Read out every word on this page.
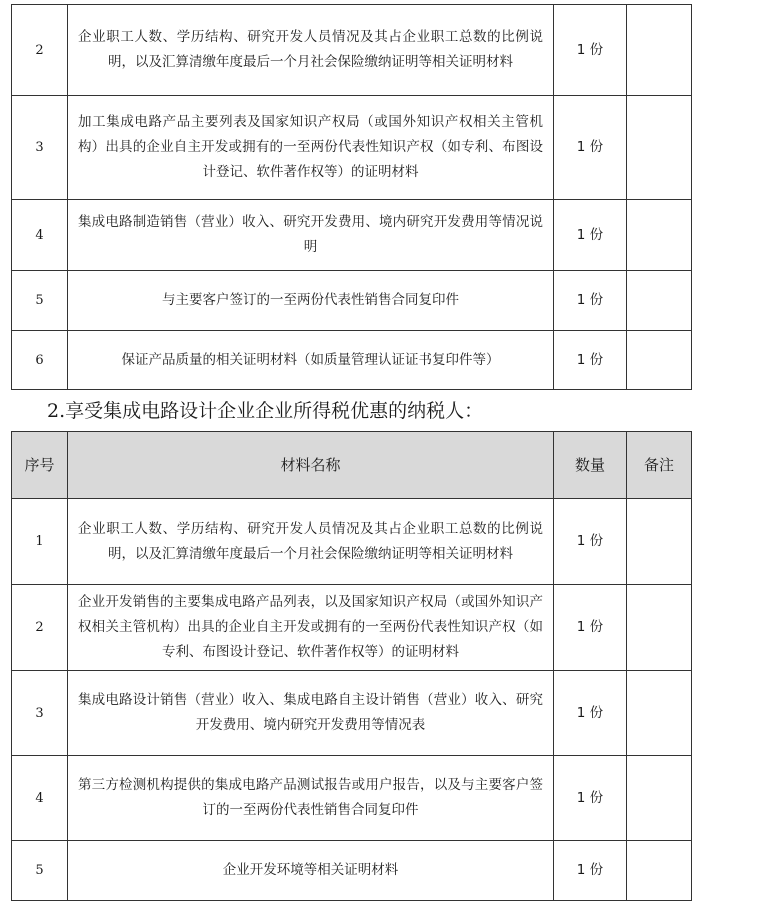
2	企业职工人数、学历结构、研究开发人员情况及其占企业职工总数的比例说明，以及汇算清缴年度最后一个月社会保险缴纳证明等相关证明材料	1 份	
3	加工集成电路产品主要列表及国家知识产权局（或国外知识产权相关主管机构）出具的企业自主开发或拥有的一至两份代表性知识产权（如专利、布图设计登记、软件著作权等）的证明材料	1 份	
4	集成电路制造销售（营业）收入、研究开发费用、境内研究开发费用等情况说明	1 份	
5	与主要客户签订的一至两份代表性销售合同复印件	1 份	
6	保证产品质量的相关证明材料（如质量管理认证证书复印件等）	1 份	
2.享受集成电路设计企业企业所得税优惠的纳税人：
序号	材料名称	数量	备注
1	企业职工人数、学历结构、研究开发人员情况及其占企业职工总数的比例说明，以及汇算清缴年度最后一个月社会保险缴纳证明等相关证明材料	1 份	
2	企业开发销售的主要集成电路产品列表，以及国家知识产权局（或国外知识产权相关主管机构）出具的企业自主开发或拥有的一至两份代表性知识产权（如专利、布图设计登记、软件著作权等）的证明材料	1 份	
3	集成电路设计销售（营业）收入、集成电路自主设计销售（营业）收入、研究开发费用、境内研究开发费用等情况表	1 份	
4	第三方检测机构提供的集成电路产品测试报告或用户报告，以及与主要客户签订的一至两份代表性销售合同复印件	1 份	
5	企业开发环境等相关证明材料	1 份	
